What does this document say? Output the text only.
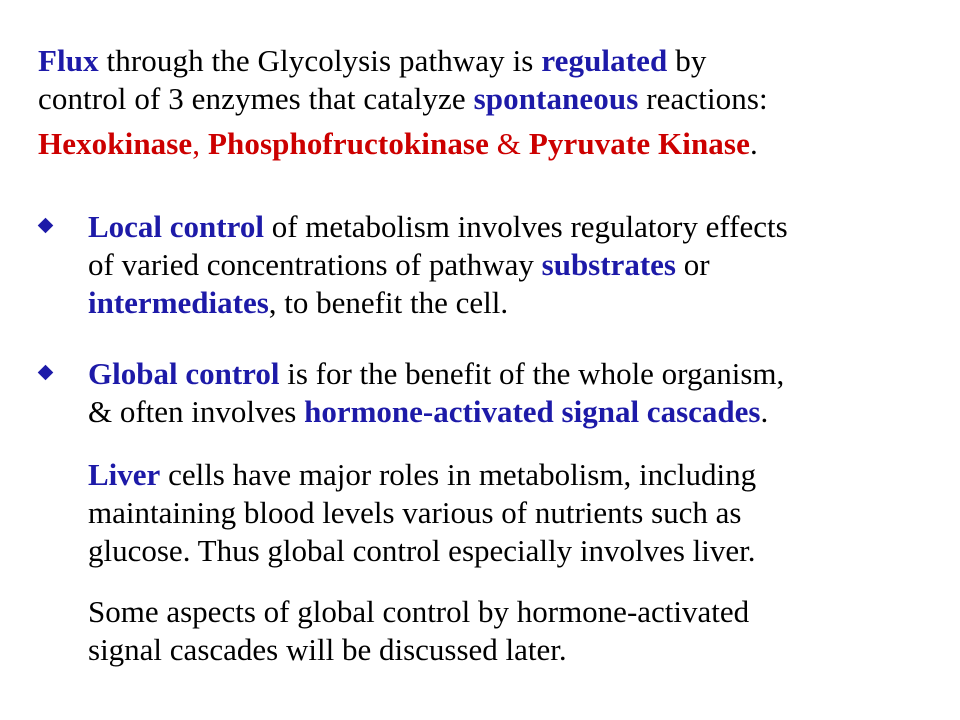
Flux through the Glycolysis pathway is regulated by
control of 3 enzymes that catalyze spontaneous reactions:
Hexokinase, Phosphofructokinase & Pyruvate Kinase.
Local control of metabolism involves regulatory effects
of varied concentrations of pathway substrates or
intermediates, to benefit the cell.
Global control is for the benefit of the whole organism,
& often involves hormone-activated signal cascades.
Liver cells have major roles in metabolism, including
maintaining blood levels various of nutrients such as
glucose. Thus global control especially involves liver.
Some aspects of global control by hormone-activated
signal cascades will be discussed later.
